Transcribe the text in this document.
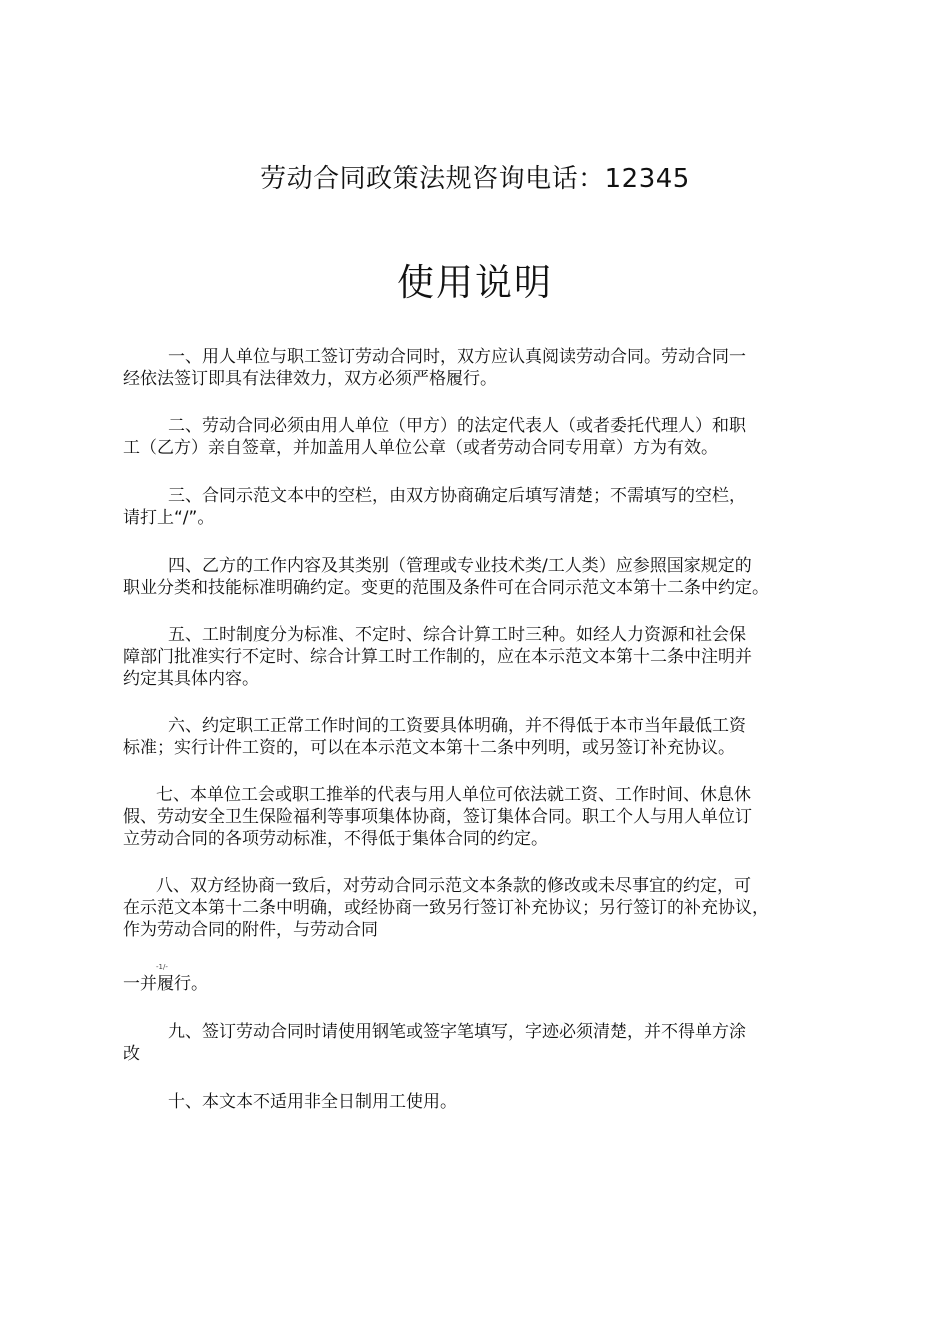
劳动合同政策法规咨询电话：12345
使用说明
一、用人单位与职工签订劳动合同时，双方应认真阅读劳动合同。劳动合同一
经依法签订即具有法律效力，双方必须严格履行。
二、劳动合同必须由用人单位（甲方）的法定代表人（或者委托代理人）和职
工（乙方）亲自签章，并加盖用人单位公章（或者劳动合同专用章）方为有效。
三、合同示范文本中的空栏，由双方协商确定后填写清楚；不需填写的空栏，
请打上“/”。
四、乙方的工作内容及其类别（管理或专业技术类/工人类）应参照国家规定的
职业分类和技能标准明确约定。变更的范围及条件可在合同示范文本第十二条中约定。
五、工时制度分为标准、不定时、综合计算工时三种。如经人力资源和社会保
障部门批准实行不定时、综合计算工时工作制的，应在本示范文本第十二条中注明并
约定其具体内容。
六、约定职工正常工作时间的工资要具体明确，并不得低于本市当年最低工资
标准；实行计件工资的，可以在本示范文本第十二条中列明，或另签订补充协议。
七、本单位工会或职工推举的代表与用人单位可依法就工资、工作时间、休息休
假、劳动安全卫生保险福利等事项集体协商，签订集体合同。职工个人与用人单位订
立劳动合同的各项劳动标准，不得低于集体合同的约定。
八、双方经协商一致后，对劳动合同示范文本条款的修改或未尽事宜的约定，可
在示范文本第十二条中明确，或经协商一致另行签订补充协议；另行签订的补充协议，
作为劳动合同的附件，与劳动合同
-1/-
一并履行。
九、签订劳动合同时请使用钢笔或签字笔填写，字迹必须清楚，并不得单方涂
改
十、本文本不适用非全日制用工使用。
